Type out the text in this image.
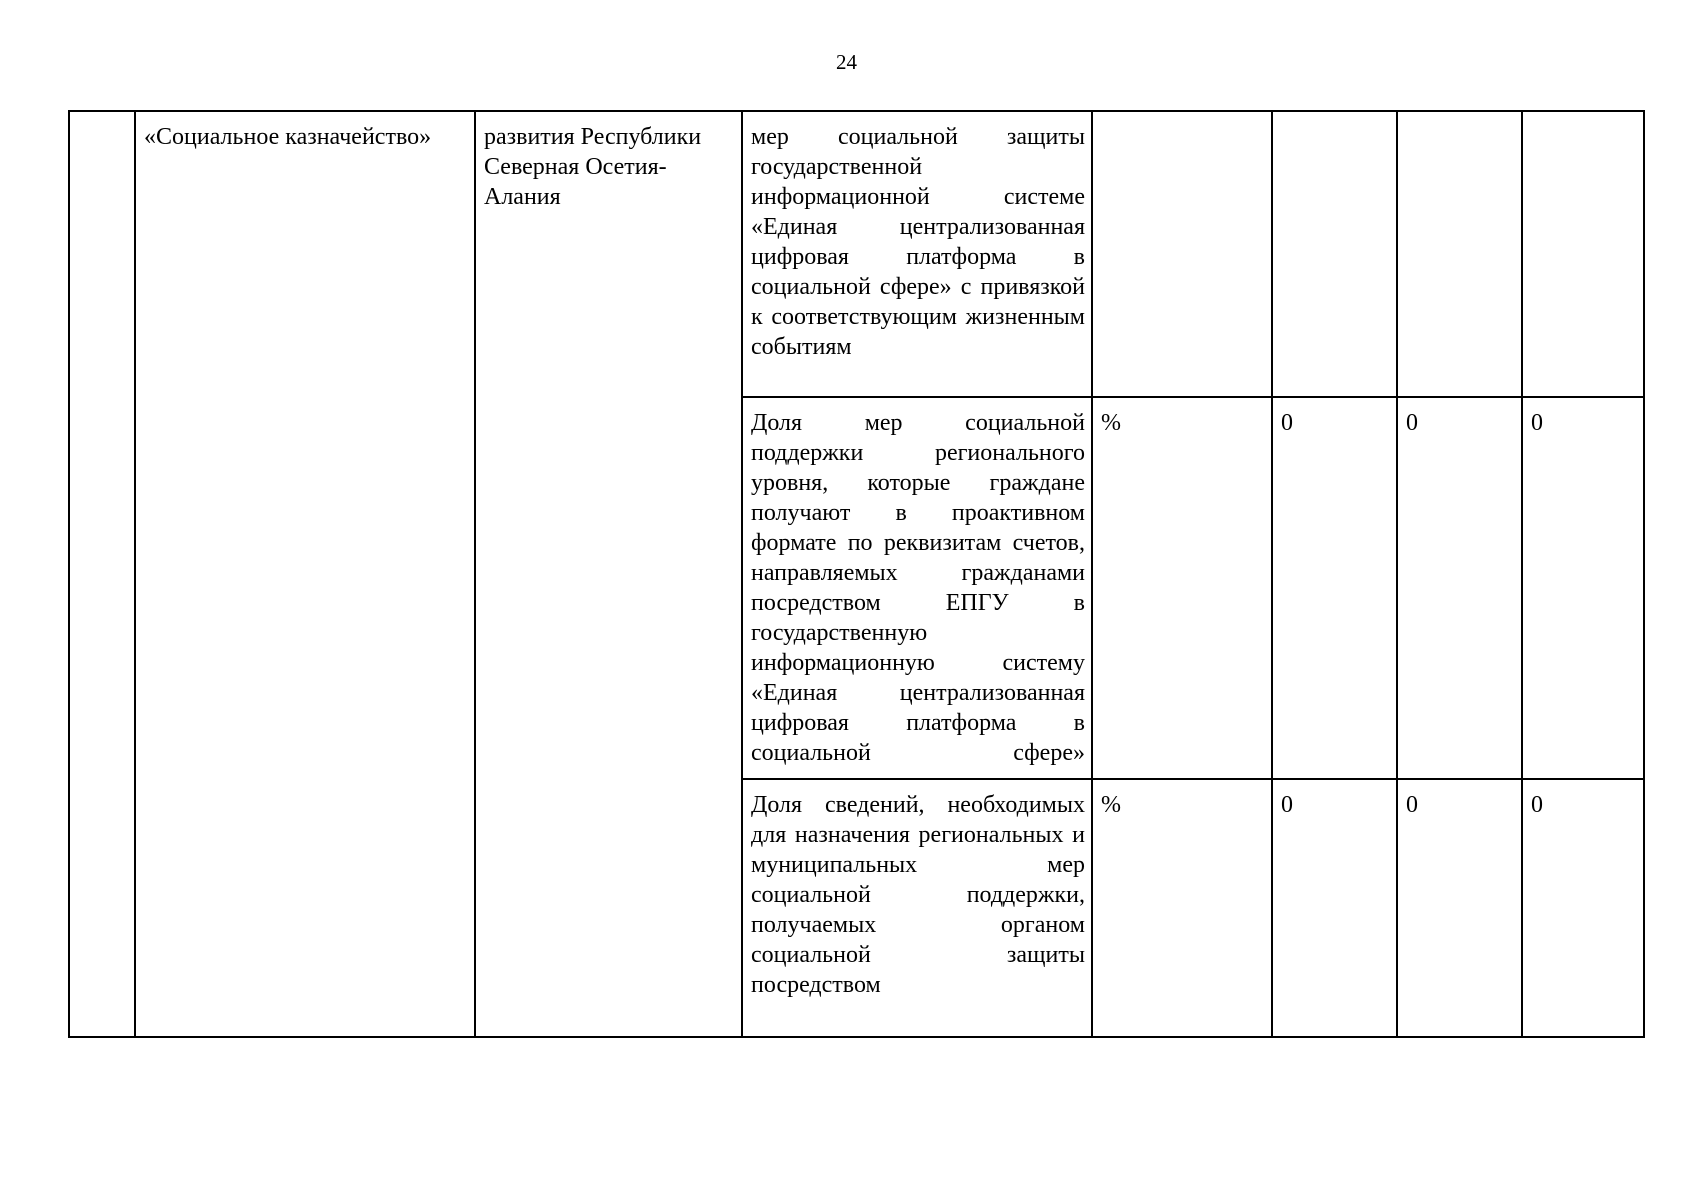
24
	«Социальное казначейство»	развития Республики Северная Осетия-Алания	мер социальной защиты государственной информационной системе «Единая централизованная цифровая платформа в социальной сфере» с привязкой к соответствующим жизненным событиям				
			Доля мер социальной поддержки регионального уровня, которые граждане получают в проактивном формате по реквизитам счетов, направляемых гражданами посредством ЕПГУ в государственную информационную систему «Единая централизованная цифровая платформа в социальной сфере»	%	0	0	0
			Доля сведений, необходимых для назначения региональных и муниципальных мер социальной поддержки, получаемых органом социальной защиты посредством	%	0	0	0
